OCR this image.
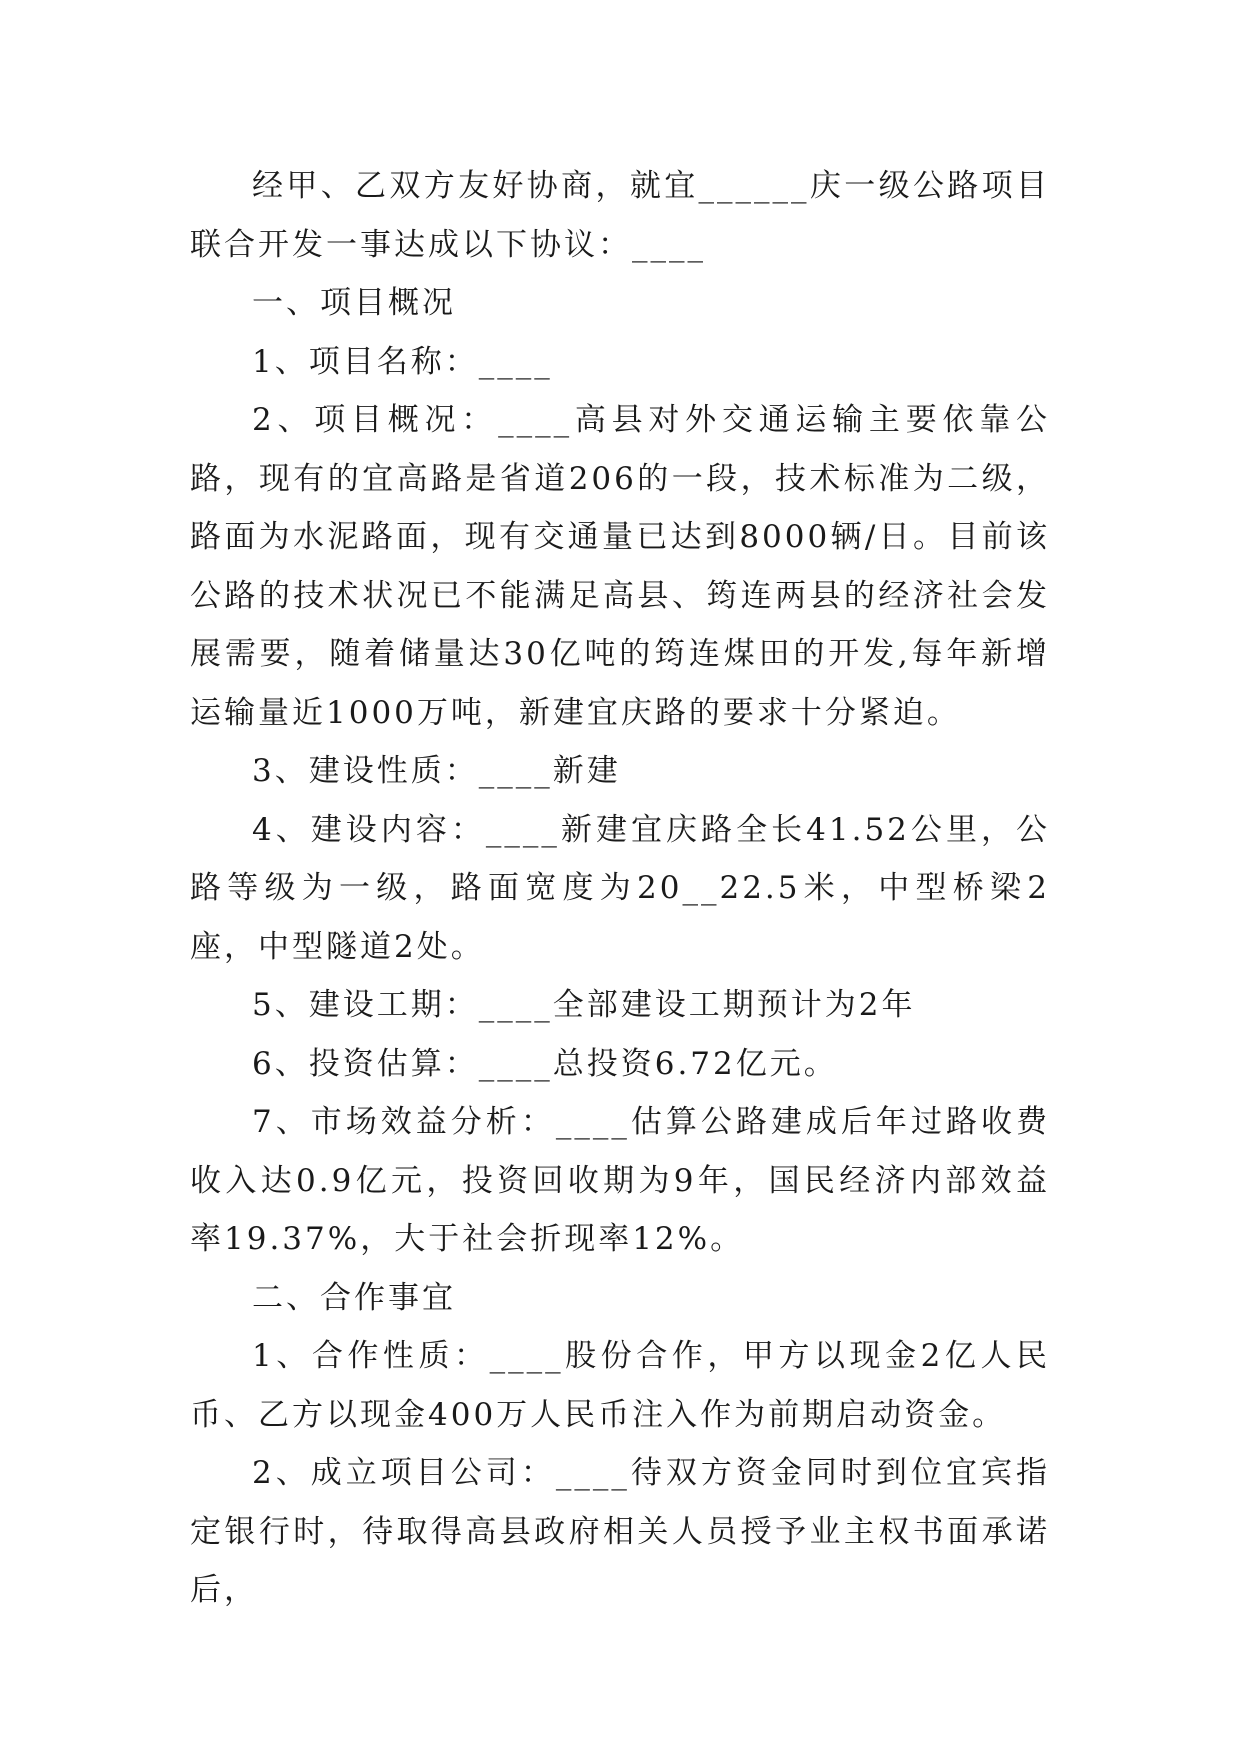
经甲、乙双方友好协商，就宜______庆一级公路项目联合开发一事达成以下协议：____

一、项目概况

1、项目名称：____

2、项目概况：____高县对外交通运输主要依靠公路，现有的宜高路是省道206的一段，技术标准为二级，路面为水泥路面，现有交通量已达到8000辆/日。目前该公路的技术状况已不能满足高县、筠连两县的经济社会发展需要，随着储量达30亿吨的筠连煤田的开发,每年新增运输量近1000万吨，新建宜庆路的要求十分紧迫。

3、建设性质：____新建

4、建设内容：____新建宜庆路全长41.52公里，公路等级为一级，路面宽度为20__22.5米，中型桥梁2座，中型隧道2处。

5、建设工期：____全部建设工期预计为2年

6、投资估算：____总投资6.72亿元。

7、市场效益分析：____估算公路建成后年过路收费收入达0.9亿元，投资回收期为9年，国民经济内部效益率19.37%，大于社会折现率12%。

二、合作事宜

1、合作性质：____股份合作，甲方以现金2亿人民币、乙方以现金400万人民币注入作为前期启动资金。

2、成立项目公司：____待双方资金同时到位宜宾指定银行时，待取得高县政府相关人员授予业主权书面承诺后，
